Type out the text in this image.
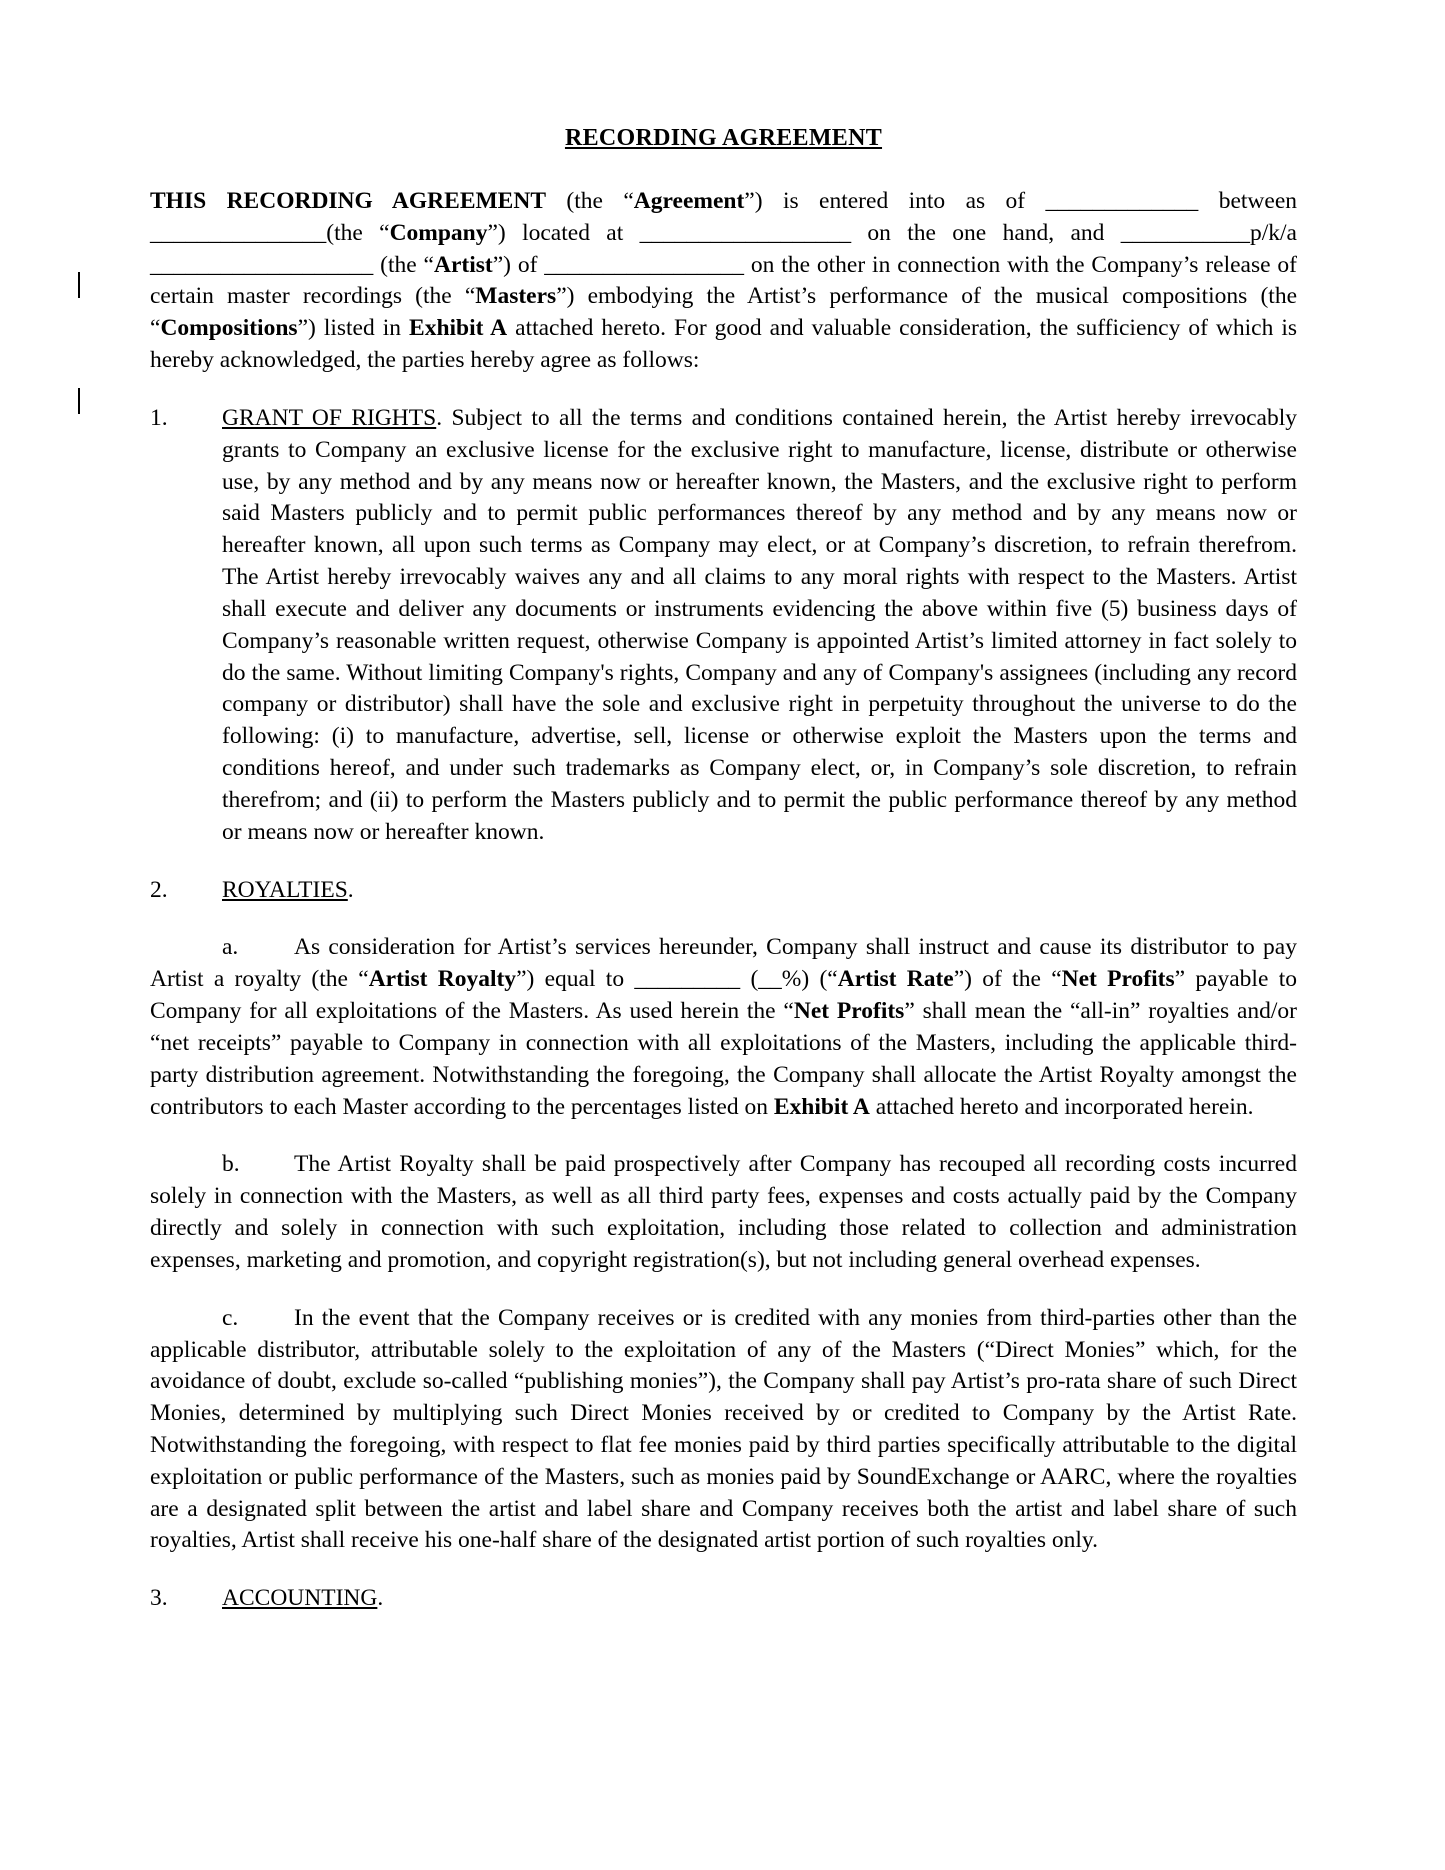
RECORDING AGREEMENT

THIS RECORDING AGREEMENT (the “Agreement”) is entered into as of _____________ between _______________(the “Company”) located at __________________ on the one hand, and ___________p/k/a ___________________ (the “Artist”) of _________________ on the other in connection with the Company’s release of certain master recordings (the “Masters”) embodying the Artist’s performance of the musical compositions (the “Compositions”) listed in Exhibit A attached hereto. For good and valuable consideration, the sufficiency of which is hereby acknowledged, the parties hereby agree as follows:

1.	GRANT OF RIGHTS. Subject to all the terms and conditions contained herein, the Artist hereby irrevocably grants to Company an exclusive license for the exclusive right to manufacture, license, distribute or otherwise use, by any method and by any means now or hereafter known, the Masters, and the exclusive right to perform said Masters publicly and to permit public performances thereof by any method and by any means now or hereafter known, all upon such terms as Company may elect, or at Company’s discretion, to refrain therefrom. The Artist hereby irrevocably waives any and all claims to any moral rights with respect to the Masters. Artist shall execute and deliver any documents or instruments evidencing the above within five (5) business days of Company’s reasonable written request, otherwise Company is appointed Artist’s limited attorney in fact solely to do the same. Without limiting Company's rights, Company and any of Company's assignees (including any record company or distributor) shall have the sole and exclusive right in perpetuity throughout the universe to do the following: (i) to manufacture, advertise, sell, license or otherwise exploit the Masters upon the terms and conditions hereof, and under such trademarks as Company elect, or, in Company’s sole discretion, to refrain therefrom; and (ii) to perform the Masters publicly and to permit the public performance thereof by any method or means now or hereafter known.
2.	ROYALTIES.

a. As consideration for Artist’s services hereunder, Company shall instruct and cause its distributor to pay Artist a royalty (the “Artist Royalty”) equal to _________ (__%) (“Artist Rate”) of the “Net Profits” payable to Company for all exploitations of the Masters. As used herein the “Net Profits” shall mean the “all-in” royalties and/or “net receipts” payable to Company in connection with all exploitations of the Masters, including the applicable third-party distribution agreement. Notwithstanding the foregoing, the Company shall allocate the Artist Royalty amongst the contributors to each Master according to the percentages listed on Exhibit A attached hereto and incorporated herein.

b. The Artist Royalty shall be paid prospectively after Company has recouped all recording costs incurred solely in connection with the Masters, as well as all third party fees, expenses and costs actually paid by the Company directly and solely in connection with such exploitation, including those related to collection and administration expenses, marketing and promotion, and copyright registration(s), but not including general overhead expenses.

c. In the event that the Company receives or is credited with any monies from third-parties other than the applicable distributor, attributable solely to the exploitation of any of the Masters (“Direct Monies” which, for the avoidance of doubt, exclude so-called “publishing monies”), the Company shall pay Artist’s pro-rata share of such Direct Monies, determined by multiplying such Direct Monies received by or credited to Company by the Artist Rate. Notwithstanding the foregoing, with respect to flat fee monies paid by third parties specifically attributable to the digital exploitation or public performance of the Masters, such as monies paid by SoundExchange or AARC, where the royalties are a designated split between the artist and label share and Company receives both the artist and label share of such royalties, Artist shall receive his one-half share of the designated artist portion of such royalties only.

3.	ACCOUNTING.
